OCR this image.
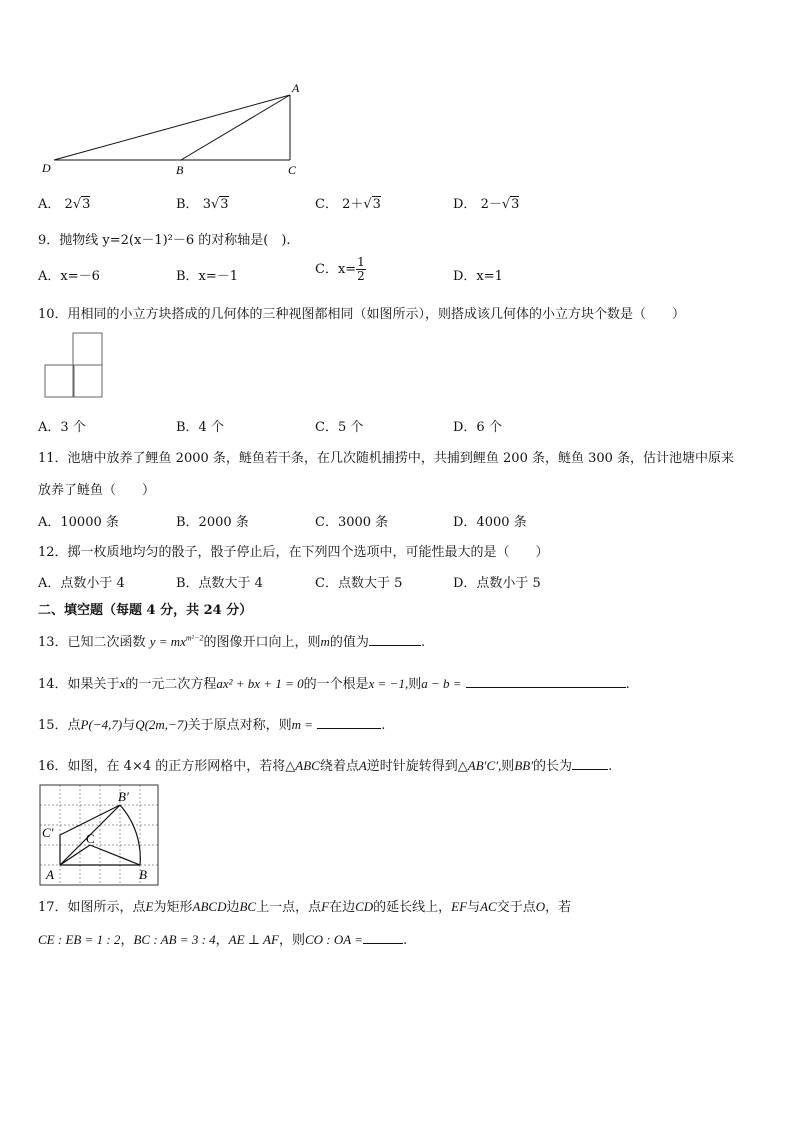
A
B	C
D
A． 2√3	B． 3√3	C． 2＋√3	D． 2－√3
9．抛物线 y=2(x－1)²－6 的对称轴是(　).
A．x=－6	B．x=－1	C．$x= \frac{1}{2}$	D．x=1
10．用相同的小立方块搭成的几何体的三种视图都相同（如图所示），则搭成该几何体的小立方块个数是（　　）
A．3 个	B．4 个	C．5 个	D．6 个
11．池塘中放养了鲤鱼 2000 条，鲢鱼若干条，在几次随机捕捞中，共捕到鲤鱼 200 条，鲢鱼 300 条，估计池塘中原来
放养了鲢鱼（　　）
A．10000 条	B．2000 条	C．3000 条	D．4000 条
12．掷一枚质地均匀的骰子，骰子停止后，在下列四个选项中，可能性最大的是（　　）
A．点数小于 4	B．点数大于 4	C．点数大于 5	D．点数小于 5
二、填空题（每题 4 分，共 24 分）
13．已知二次函数 $y = mx^{m^2-2}$的图像开口向上，则m的值为	.
14．如果关于x的一元二次方程ax² + bx + 1 = 0的一个根是x = −1,则a − b =	.
15．点P(−4,7)与Q(2m,−7)关于原点对称，则m =	.
16．如图，在 4×4 的正方形网格中，若将△ABC绕着点A逆时针旋转得到△AB′C′,则BB′的长为	.
A	B
C
B′
C′
17．如图所示，点E为矩形ABCD边BC上一点，点F在边CD的延长线上，EF与AC交于点O，若
CE : EB = 1 : 2，BC : AB = 3 : 4，AE ⊥ AF，则CO : OA =	.
